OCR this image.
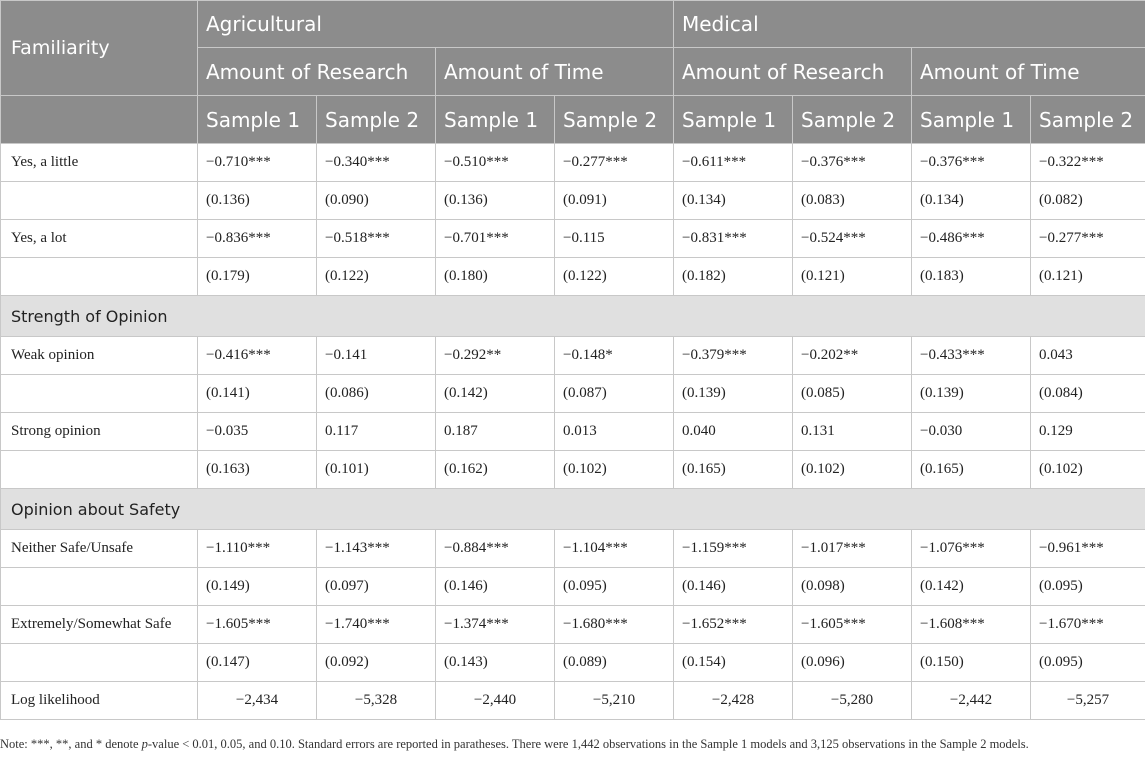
Familiarity	Agricultural				Medical			
	Amount of Research		Amount of Time		Amount of Research		Amount of Time	
	Sample 1	Sample 2	Sample 1	Sample 2	Sample 1	Sample 2	Sample 1	Sample 2
Yes, a little	−0.710***	−0.340***	−0.510***	−0.277***	−0.611***	−0.376***	−0.376***	−0.322***
	(0.136)	(0.090)	(0.136)	(0.091)	(0.134)	(0.083)	(0.134)	(0.082)
Yes, a lot	−0.836***	−0.518***	−0.701***	−0.115	−0.831***	−0.524***	−0.486***	−0.277***
	(0.179)	(0.122)	(0.180)	(0.122)	(0.182)	(0.121)	(0.183)	(0.121)
Strength of Opinion								
Weak opinion	−0.416***	−0.141	−0.292**	−0.148*	−0.379***	−0.202**	−0.433***	0.043
	(0.141)	(0.086)	(0.142)	(0.087)	(0.139)	(0.085)	(0.139)	(0.084)
Strong opinion	−0.035	0.117	0.187	0.013	0.040	0.131	−0.030	0.129
	(0.163)	(0.101)	(0.162)	(0.102)	(0.165)	(0.102)	(0.165)	(0.102)
Opinion about Safety								
Neither Safe/Unsafe	−1.110***	−1.143***	−0.884***	−1.104***	−1.159***	−1.017***	−1.076***	−0.961***
	(0.149)	(0.097)	(0.146)	(0.095)	(0.146)	(0.098)	(0.142)	(0.095)
Extremely/Somewhat Safe	−1.605***	−1.740***	−1.374***	−1.680***	−1.652***	−1.605***	−1.608***	−1.670***
	(0.147)	(0.092)	(0.143)	(0.089)	(0.154)	(0.096)	(0.150)	(0.095)
Log likelihood	−2,434	−5,328	−2,440	−5,210	−2,428	−5,280	−2,442	−5,257

Note: ***, **, and * denote p-value < 0.01, 0.05, and 0.10. Standard errors are reported in paratheses. There were 1,442 observations in the Sample 1 models and 3,125 observations in the Sample 2 models.
